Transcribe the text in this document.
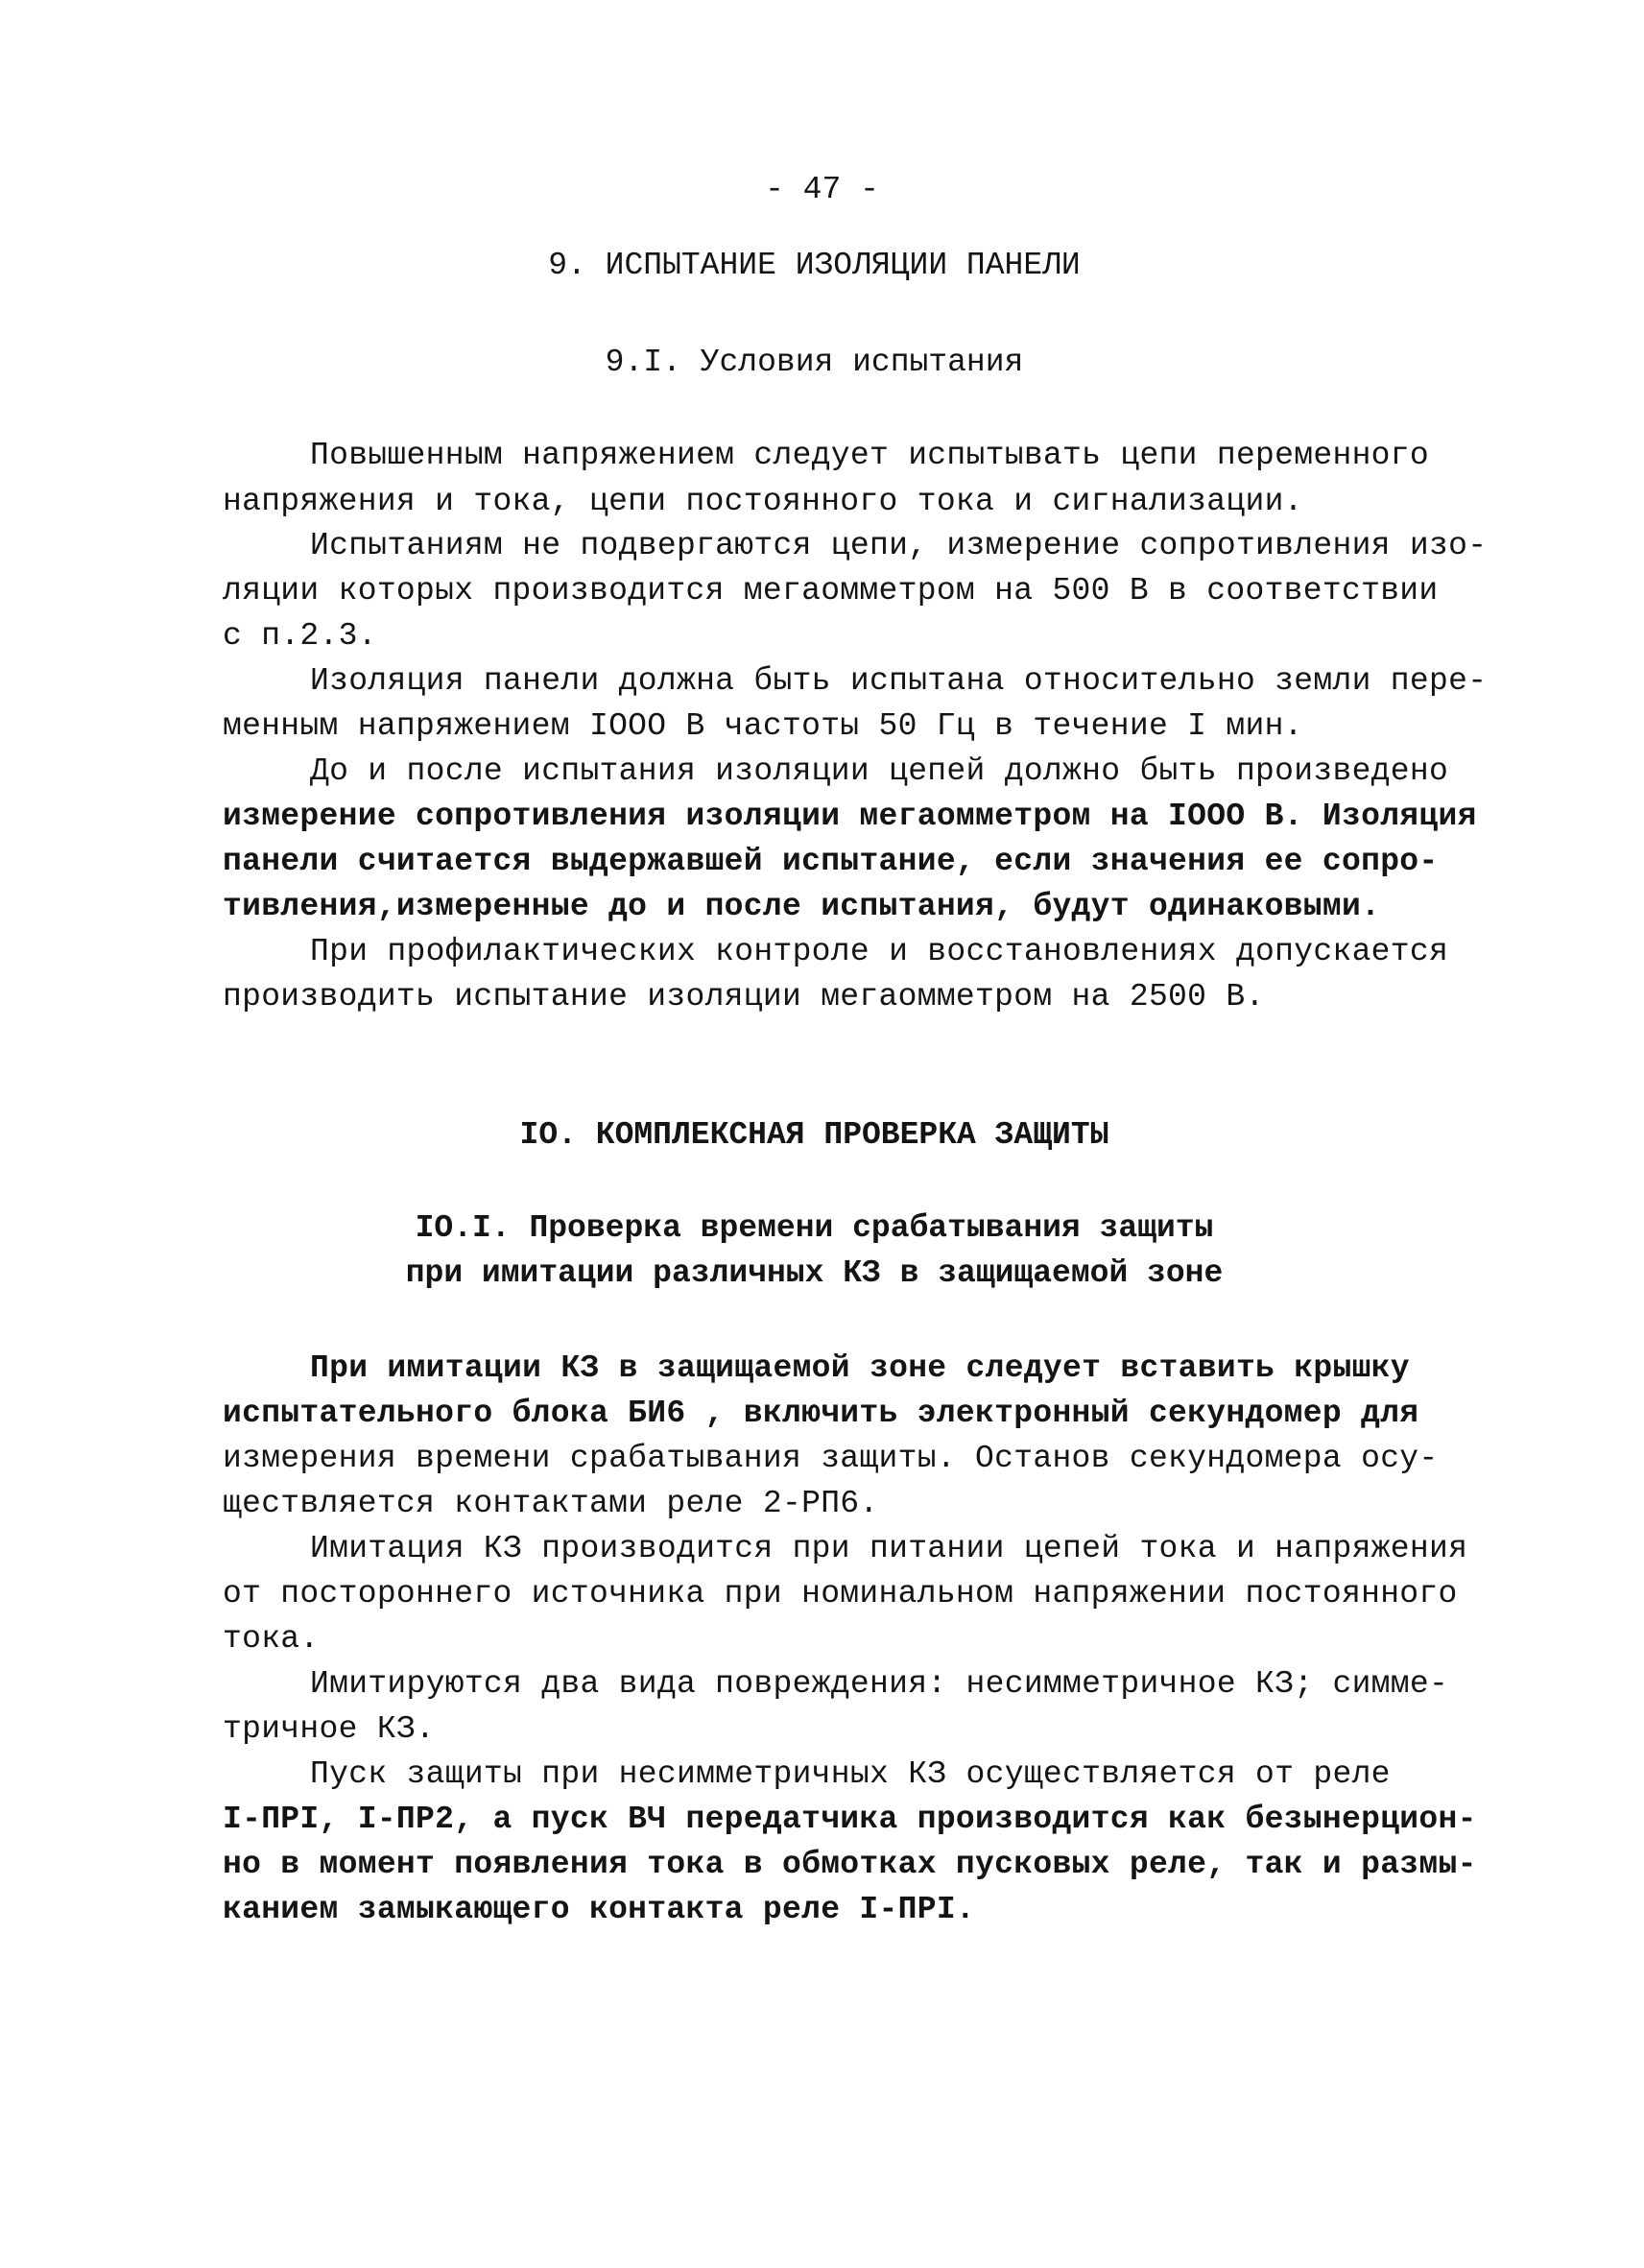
- 47 -
9. ИСПЫТАНИЕ ИЗОЛЯЦИИ ПАНЕЛИ
9.I. Условия испытания
Повышенным напряжением следует испытывать цепи переменного
напряжения и тока, цепи постоянного тока и сигнализации.
Испытаниям не подвергаются цепи, измерение сопротивления изо-
ляции которых производится мегаомметром на 500 В в соответствии
с п.2.3.
Изоляция панели должна быть испытана относительно земли пере-
менным напряжением IOOO В частоты 50 Гц в течение I мин.
До и после испытания изоляции цепей должно быть произведено
измерение сопротивления изоляции мегаомметром на IOOO В. Изоляция
панели считается выдержавшей испытание, если значения ее сопро-
тивления,измеренные до и после испытания, будут одинаковыми.
При профилактических контроле и восстановлениях допускается
производить испытание изоляции мегаомметром на 2500 В.
IO. КОМПЛЕКСНАЯ ПРОВЕРКА ЗАЩИТЫ
IO.I. Проверка времени срабатывания защиты
при имитации различных КЗ в защищаемой зоне
При имитации КЗ в защищаемой зоне следует вставить крышку
испытательного блока БИ6 , включить электронный секундомер для
измерения времени срабатывания защиты. Останов секундомера осу-
ществляется контактами реле 2-РП6.
Имитация КЗ производится при питании цепей тока и напряжения
от постороннего источника при номинальном напряжении постоянного
тока.
Имитируются два вида повреждения: несимметричное КЗ; симме-
тричное КЗ.
Пуск защиты при несимметричных КЗ осуществляется от реле
I-ПРI, I-ПР2, а пуск ВЧ передатчика производится как безынерцион-
но в момент появления тока в обмотках пусковых реле, так и размы-
канием замыкающего контакта реле I-ПРI.
